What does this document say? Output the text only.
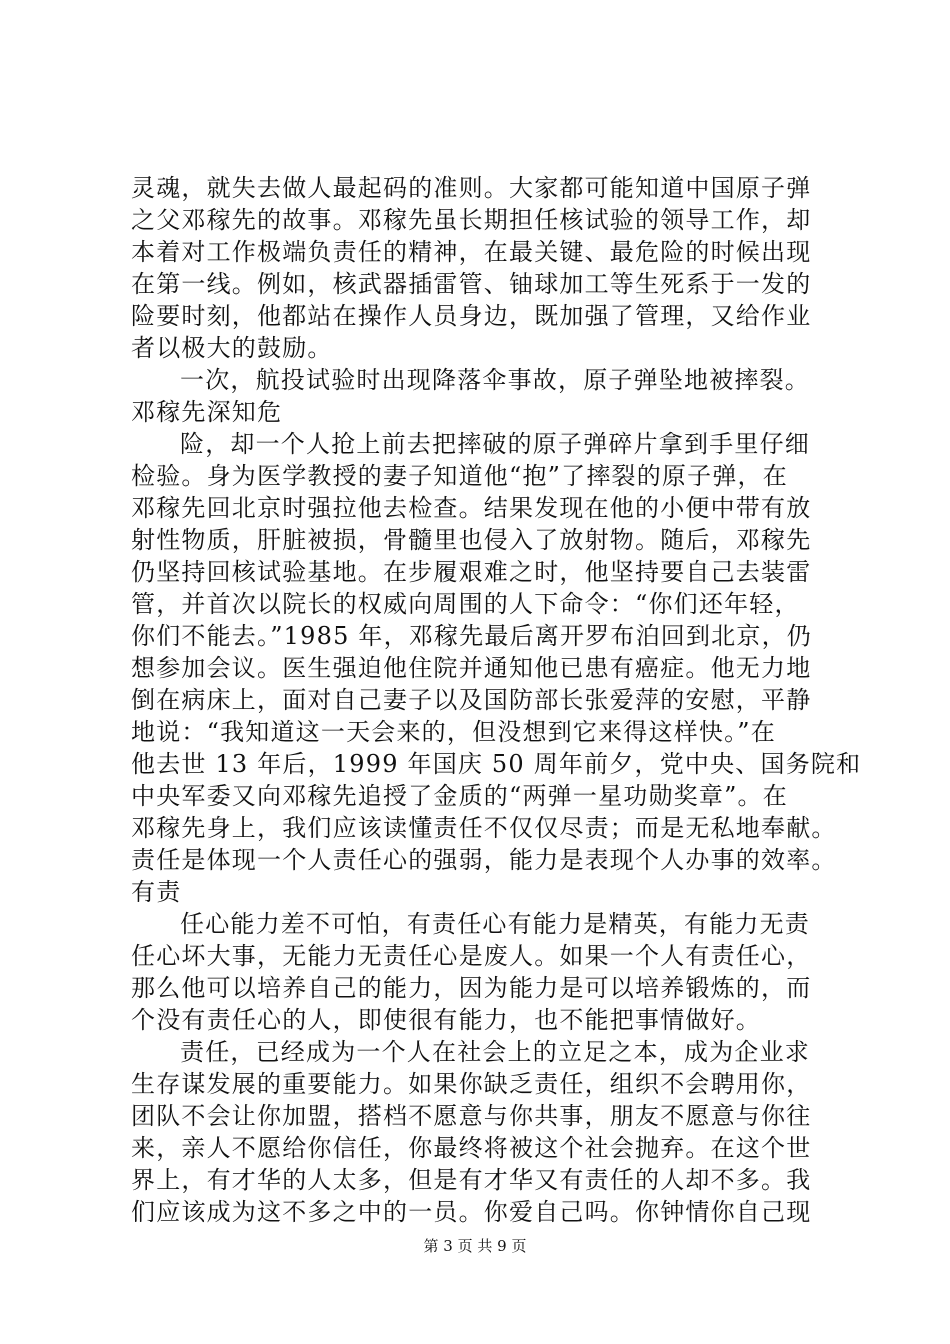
灵魂，就失去做人最起码的准则。大家都可能知道中国原子弹
之父邓稼先的故事。邓稼先虽长期担任核试验的领导工作，却
本着对工作极端负责任的精神，在最关键、最危险的时候出现
在第一线。例如，核武器插雷管、铀球加工等生死系于一发的
险要时刻，他都站在操作人员身边，既加强了管理，又给作业
者以极大的鼓励。
一次，航投试验时出现降落伞事故，原子弹坠地被摔裂。
邓稼先深知危
险，却一个人抢上前去把摔破的原子弹碎片拿到手里仔细
检验。身为医学教授的妻子知道他“抱”了摔裂的原子弹，在
邓稼先回北京时强拉他去检查。结果发现在他的小便中带有放
射性物质，肝脏被损，骨髓里也侵入了放射物。随后，邓稼先
仍坚持回核试验基地。在步履艰难之时，他坚持要自己去装雷
管，并首次以院长的权威向周围的人下命令：“你们还年轻，
你们不能去。”1985 年，邓稼先最后离开罗布泊回到北京，仍
想参加会议。医生强迫他住院并通知他已患有癌症。他无力地
倒在病床上，面对自己妻子以及国防部长张爱萍的安慰，平静
地说：“我知道这一天会来的，但没想到它来得这样快。”在
他去世 13 年后，1999 年国庆 50 周年前夕，党中央、国务院和
中央军委又向邓稼先追授了金质的“两弹一星功勋奖章”。在
邓稼先身上，我们应该读懂责任不仅仅尽责；而是无私地奉献。
责任是体现一个人责任心的强弱，能力是表现个人办事的效率。
有责
任心能力差不可怕，有责任心有能力是精英，有能力无责
任心坏大事，无能力无责任心是废人。如果一个人有责任心，
那么他可以培养自己的能力，因为能力是可以培养锻炼的，而
个没有责任心的人，即使很有能力，也不能把事情做好。
责任，已经成为一个人在社会上的立足之本，成为企业求
生存谋发展的重要能力。如果你缺乏责任，组织不会聘用你，
团队不会让你加盟，搭档不愿意与你共事，朋友不愿意与你往
来，亲人不愿给你信任，你最终将被这个社会抛弃。在这个世
界上，有才华的人太多，但是有才华又有责任的人却不多。我
们应该成为这不多之中的一员。你爱自己吗。你钟情你自己现
第 3 页 共 9 页
